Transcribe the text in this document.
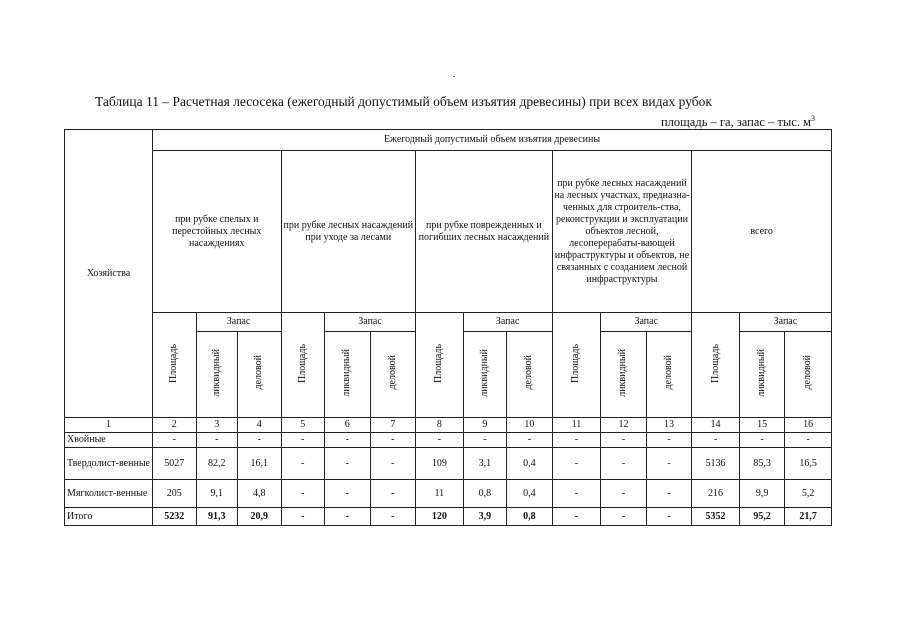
Таблица 11 – Расчетная лесосека (ежегодный допустимый объем изъятия древесины) при всех видах рубок
площадь – га, запас – тыс. $м^3$
Хозяйства	Ежегодный допустимый объем изъятия древесины														
	при рубке спелых и перестойных лесных насаждениях			при рубке лесных насаждений при уходе за лесами			при рубке поврежденных и погибших лесных насаждений			при рубке лесных насаждений на лесных участках, предназна-ченных для строитель-ства, реконструкции и эксплуатации объектов лесной, лесоперерабаты-вающей инфраструктуры и объектов, не связанных с созданием лесной инфраструктуры			всего		
	Площадь	Запас		Площадь	Запас		Площадь	Запас		Площадь	Запас		Площадь	Запас	
		ликвидный	деловой		ликвидный	деловой		ликвидный	деловой		ликвидный	деловой		ликвидный	деловой
1	2	3	4	5	6	7	8	9	10	11	12	13	14	15	16
Хвойные	-	-	-	-	-	-	-	-	-	-	-	-	-	-	-
Твердолист-венные	5027	82,2	16,1	-	-	-	109	3,1	0,4	-	-	-	5136	85,3	16,5
Мягколист-венные	205	9,1	4,8	-	-	-	11	0,8	0,4	-	-	-	216	9,9	5,2
Итого	5232	91,3	20,9	-	-	-	120	3,9	0,8	-	-	-	5352	95,2	21,7
